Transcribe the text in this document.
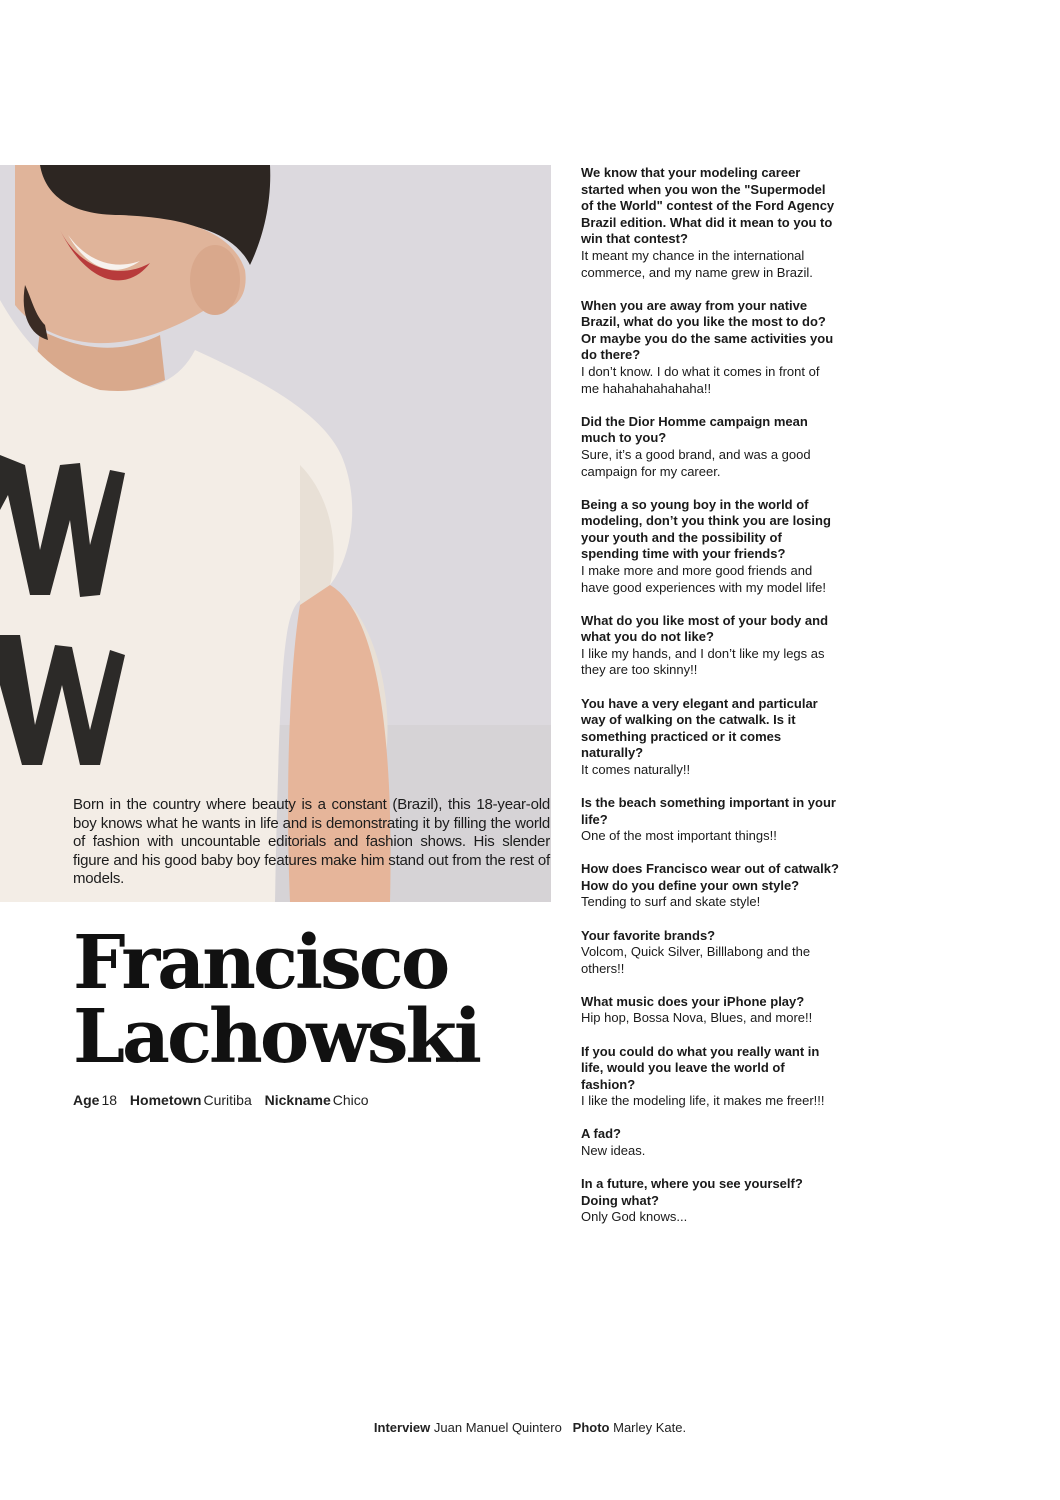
Born in the country where beauty is a constant (Brazil), this 18-year-old boy knows what he wants in life and is demonstrating it by filling the world of fashion with uncountable editorials and fashion shows. His slender figure and his good baby boy features make him stand out from the rest of models.
Francisco
Lachowski
Age 18 Hometown Curitiba Nickname Chico
We know that your modeling career started when you won the "Supermodel of the World" contest of the Ford Agency Brazil edition. What did it mean to you to win that contest?
It meant my chance in the international commerce, and my name grew in Brazil.
When you are away from your native Brazil, what do you like the most to do? Or maybe you do the same activities you do there?
I don’t know. I do what it comes in front of me hahahahahahaha!!
Did the Dior Homme campaign mean much to you?
Sure, it’s a good brand, and was a good campaign for my career.
Being a so young boy in the world of modeling, don’t you think you are losing your youth and the possibility of spending time with your friends?
I make more and more good friends and have good experiences with my model life!
What do you like most of your body and what you do not like?
I like my hands, and I don’t like my legs as they are too skinny!!
You have a very elegant and particular way of walking on the catwalk. Is it something practiced or it comes naturally?
It comes naturally!!
Is the beach something important in your life?
One of the most important things!!
How does Francisco wear out of catwalk? How do you define your own style?
Tending to surf and skate style!
Your favorite brands?
Volcom, Quick Silver, Billlabong and the others!!
What music does your iPhone play?
Hip hop, Bossa Nova, Blues, and more!!
If you could do what you really want in life, would you leave the world of fashion?
I like the modeling life, it makes me freer!!!
A fad?
New ideas.
In a future, where you see yourself? Doing what?
Only God knows...
Interview Juan Manuel Quintero Photo Marley Kate.
